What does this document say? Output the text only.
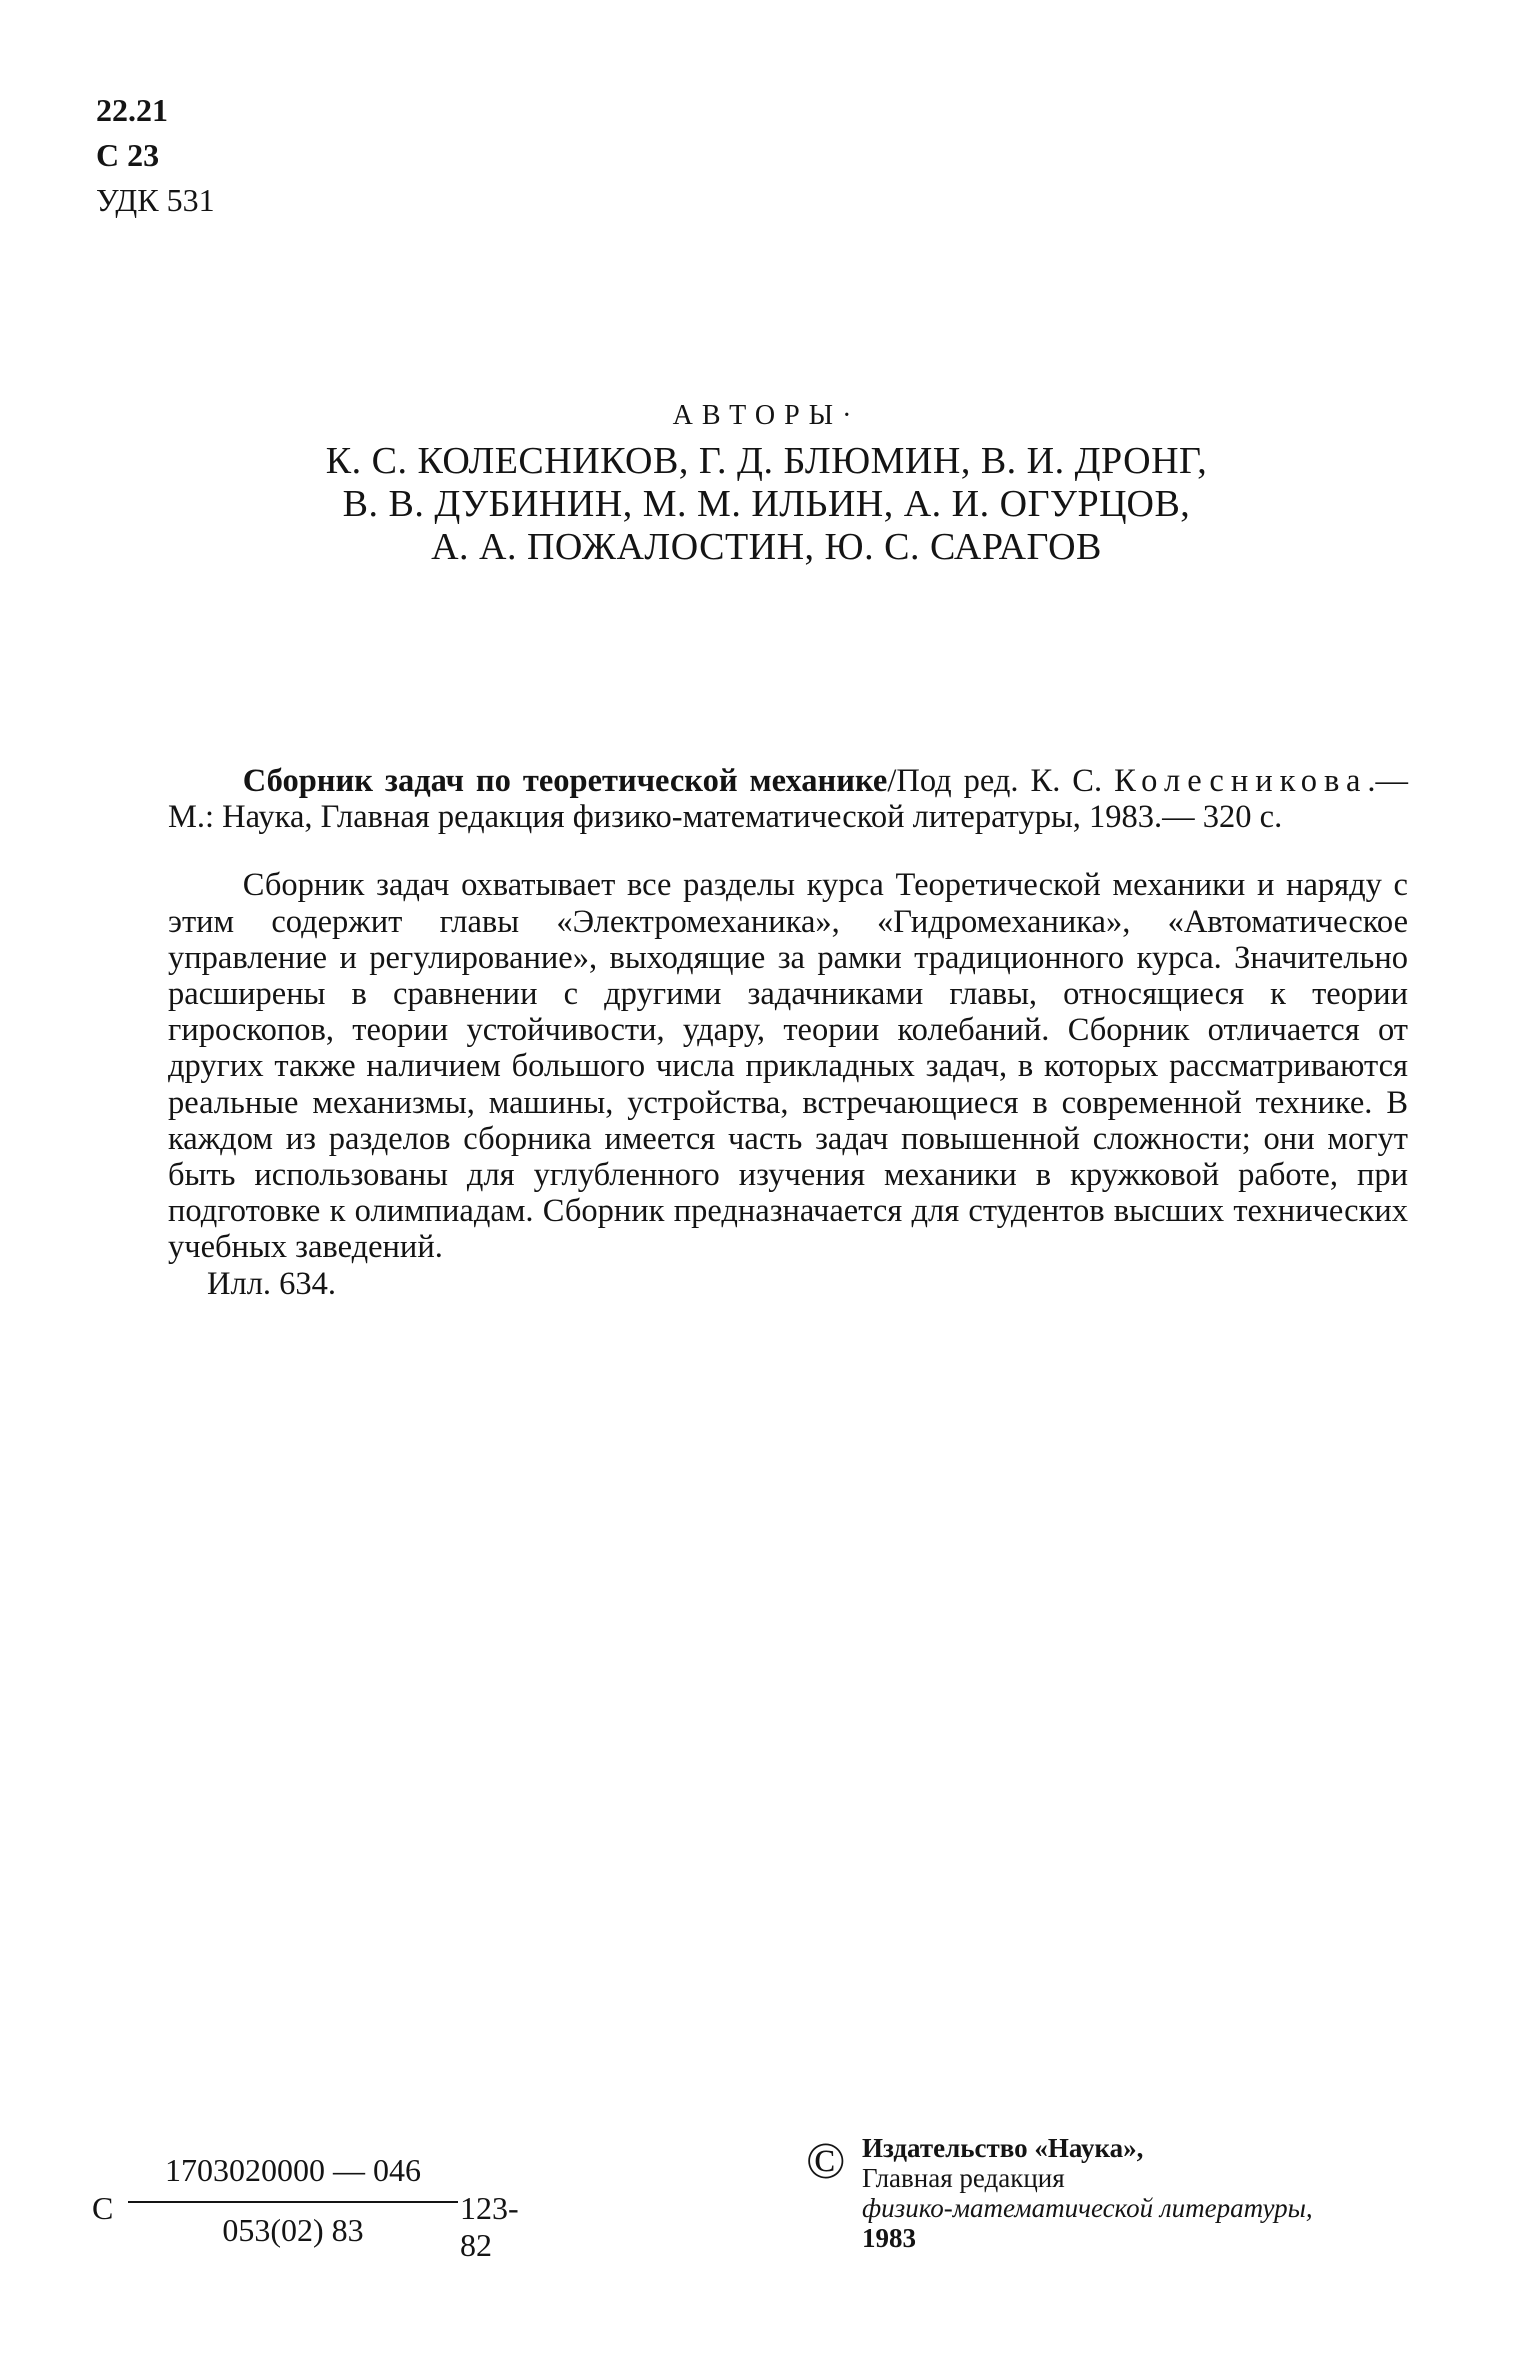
22.21
С 23
УДК 531
АВТОРЫ·
К. С. КОЛЕСНИКОВ, Г. Д. БЛЮМИН, В. И. ДРОНГ,
В. В. ДУБИНИН, М. М. ИЛЬИН, А. И. ОГУРЦОВ,
А. А. ПОЖАЛОСТИН, Ю. С. САРАГОВ

Сборник задач по теоретической механике/Под ред. К. С. Колесникова.— М.: Наука, Главная редакция физико-математической литературы, 1983.— 320 с.

Сборник задач охватывает все разделы курса Теоретической механики и наряду с этим содержит главы «Электромеханика», «Гидромеханика», «Автоматическое управление и регулирование», выходящие за рамки традиционного курса. Значительно расширены в сравнении с другими задачниками главы, относящиеся к теории гироскопов, теории устойчивости, удару, теории колебаний. Сборник отличается от других также наличием большого числа прикладных задач, в которых рассматриваются реальные механизмы, машины, устройства, встречающиеся в современной технике. В каждом из разделов сборника имеется часть задач повышенной сложности; они могут быть использованы для углубленного изучения механики в кружковой работе, при подготовке к олимпиадам. Сборник предназначается для студентов высших технических учебных заведений.

Илл. 634.

С
1703020000 — 046
053(02) 83
123-82
© Издательство «Наука»,
Главная редакция
физико-математической литературы,
1983
